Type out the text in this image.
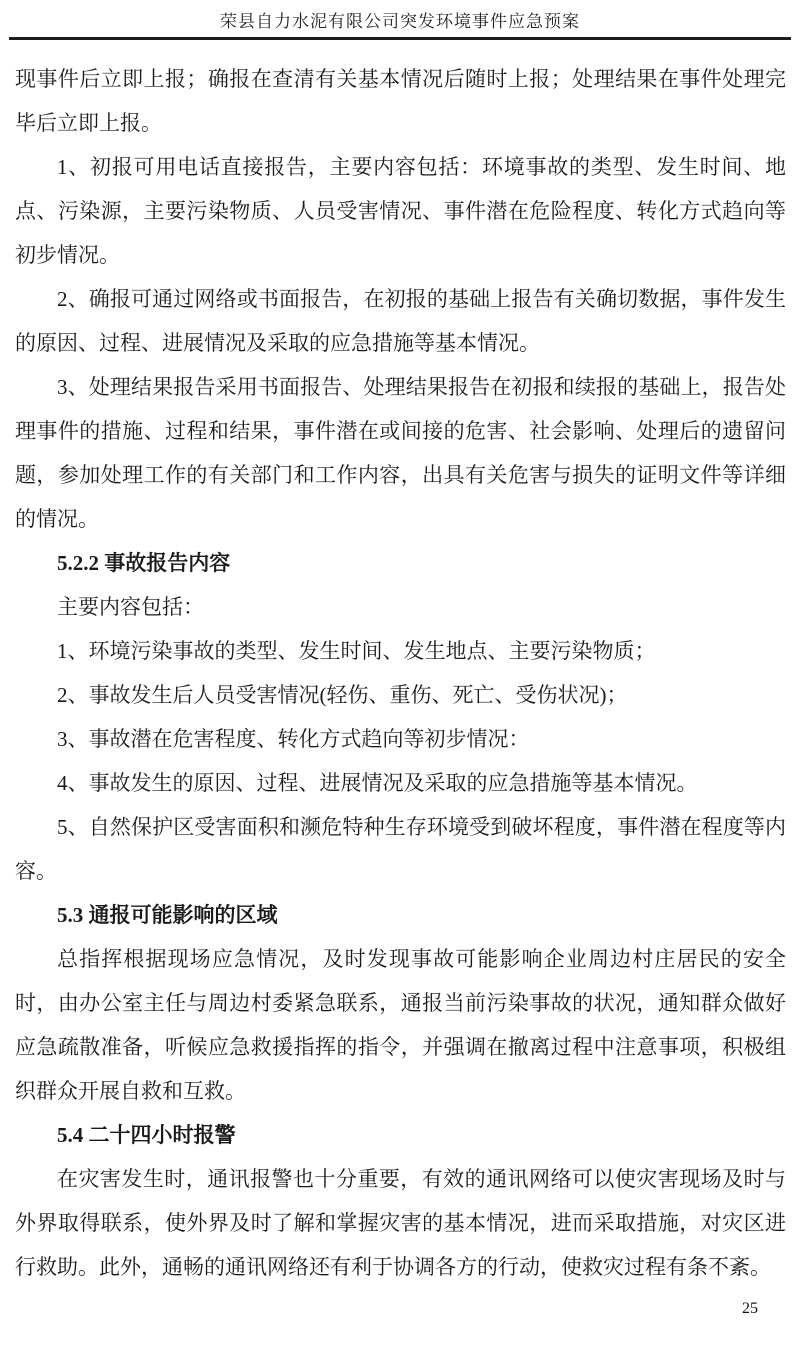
荣县自力水泥有限公司突发环境事件应急预案

现事件后立即上报；确报在查清有关基本情况后随时上报；处理结果在事件处理完毕后立即上报。

1、初报可用电话直接报告，主要内容包括：环境事故的类型、发生时间、地点、污染源，主要污染物质、人员受害情况、事件潜在危险程度、转化方式趋向等初步情况。

2、确报可通过网络或书面报告，在初报的基础上报告有关确切数据，事件发生的原因、过程、进展情况及采取的应急措施等基本情况。

3、处理结果报告采用书面报告、处理结果报告在初报和续报的基础上，报告处理事件的措施、过程和结果，事件潜在或间接的危害、社会影响、处理后的遗留问题，参加处理工作的有关部门和工作内容，出具有关危害与损失的证明文件等详细的情况。

5.2.2 事故报告内容

主要内容包括：

1、环境污染事故的类型、发生时间、发生地点、主要污染物质；

2、事故发生后人员受害情况(轻伤、重伤、死亡、受伤状况)；

3、事故潜在危害程度、转化方式趋向等初步情况：

4、事故发生的原因、过程、进展情况及采取的应急措施等基本情况。

5、自然保护区受害面积和濒危特种生存环境受到破坏程度，事件潜在程度等内容。

5.3 通报可能影响的区域

总指挥根据现场应急情况，及时发现事故可能影响企业周边村庄居民的安全时，由办公室主任与周边村委紧急联系，通报当前污染事故的状况，通知群众做好应急疏散准备，听候应急救援指挥的指令，并强调在撤离过程中注意事项，积极组织群众开展自救和互救。

5.4 二十四小时报警

在灾害发生时，通讯报警也十分重要，有效的通讯网络可以使灾害现场及时与外界取得联系，使外界及时了解和掌握灾害的基本情况，进而采取措施，对灾区进行救助。此外，通畅的通讯网络还有利于协调各方的行动，使救灾过程有条不紊。

25
